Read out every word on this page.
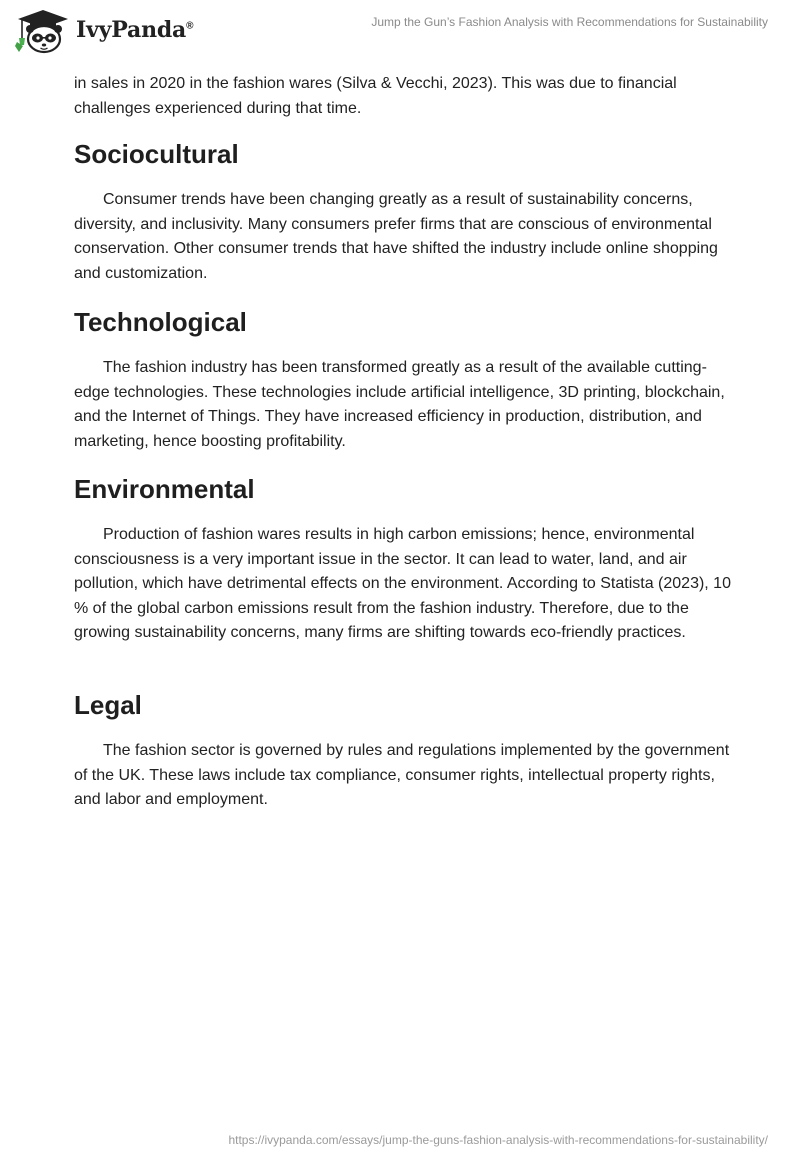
IvyPanda®	Jump the Gun’s Fashion Analysis with Recommendations for Sustainability

in sales in 2020 in the fashion wares (Silva & Vecchi, 2023). This was due to financial challenges experienced during that time.

Sociocultural

Consumer trends have been changing greatly as a result of sustainability concerns, diversity, and inclusivity. Many consumers prefer firms that are conscious of environmental conservation. Other consumer trends that have shifted the industry include online shopping and customization.

Technological

The fashion industry has been transformed greatly as a result of the available cutting-edge technologies. These technologies include artificial intelligence, 3D printing, blockchain, and the Internet of Things. They have increased efficiency in production, distribution, and marketing, hence boosting profitability.

Environmental

Production of fashion wares results in high carbon emissions; hence, environmental consciousness is a very important issue in the sector. It can lead to water, land, and air pollution, which have detrimental effects on the environment. According to Statista (2023), 10 % of the global carbon emissions result from the fashion industry. Therefore, due to the growing sustainability concerns, many firms are shifting towards eco-friendly practices.

Legal

The fashion sector is governed by rules and regulations implemented by the government of the UK. These laws include tax compliance, consumer rights, intellectual property rights, and labor and employment.

https://ivypanda.com/essays/jump-the-guns-fashion-analysis-with-recommendations-for-sustainability/
